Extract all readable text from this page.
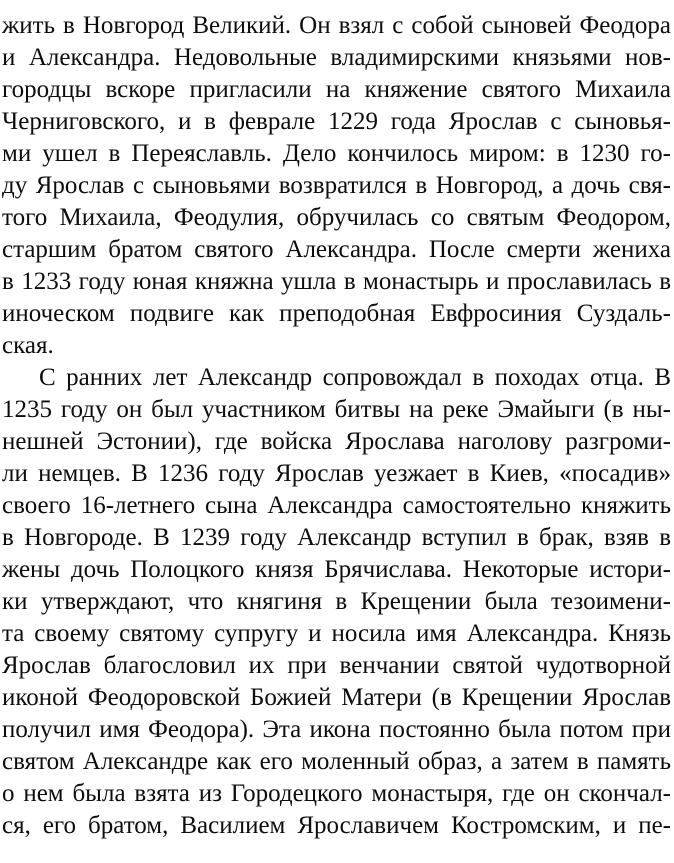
жить в Новгород Великий. Он взял с собой сыновей Феодора
и Александра. Недовольные владимирскими князьями нов-
городцы вскоре пригласили на княжение святого Михаила
Черниговского, и в феврале 1229 года Ярослав с сыновья-
ми ушел в Переяславль. Дело кончилось миром: в 1230 го-
ду Ярослав с сыновьями возвратился в Новгород, а дочь свя-
того Михаила, Феодулия, обручилась со святым Феодором,
старшим братом святого Александра. После смерти жениха
в 1233 году юная княжна ушла в монастырь и прославилась в
иноческом подвиге как преподобная Евфросиния Суздаль-
ская.
С ранних лет Александр сопровождал в походах отца. В
1235 году он был участником битвы на реке Эмайыги (в ны-
нешней Эстонии), где войска Ярослава наголову разгроми-
ли немцев. В 1236 году Ярослав уезжает в Киев, «посадив»
своего 16-летнего сына Александра самостоятельно княжить
в Новгороде. В 1239 году Александр вступил в брак, взяв в
жены дочь Полоцкого князя Брячислава. Некоторые истори-
ки утверждают, что княгиня в Крещении была тезоимени-
та своему святому супругу и носила имя Александра. Князь
Ярослав благословил их при венчании святой чудотворной
иконой Феодоровской Божией Матери (в Крещении Ярослав
получил имя Феодора). Эта икона постоянно была потом при
святом Александре как его моленный образ, а затем в память
о нем была взята из Городецкого монастыря, где он скончал-
ся, его братом, Василием Ярославичем Костромским, и пе-
